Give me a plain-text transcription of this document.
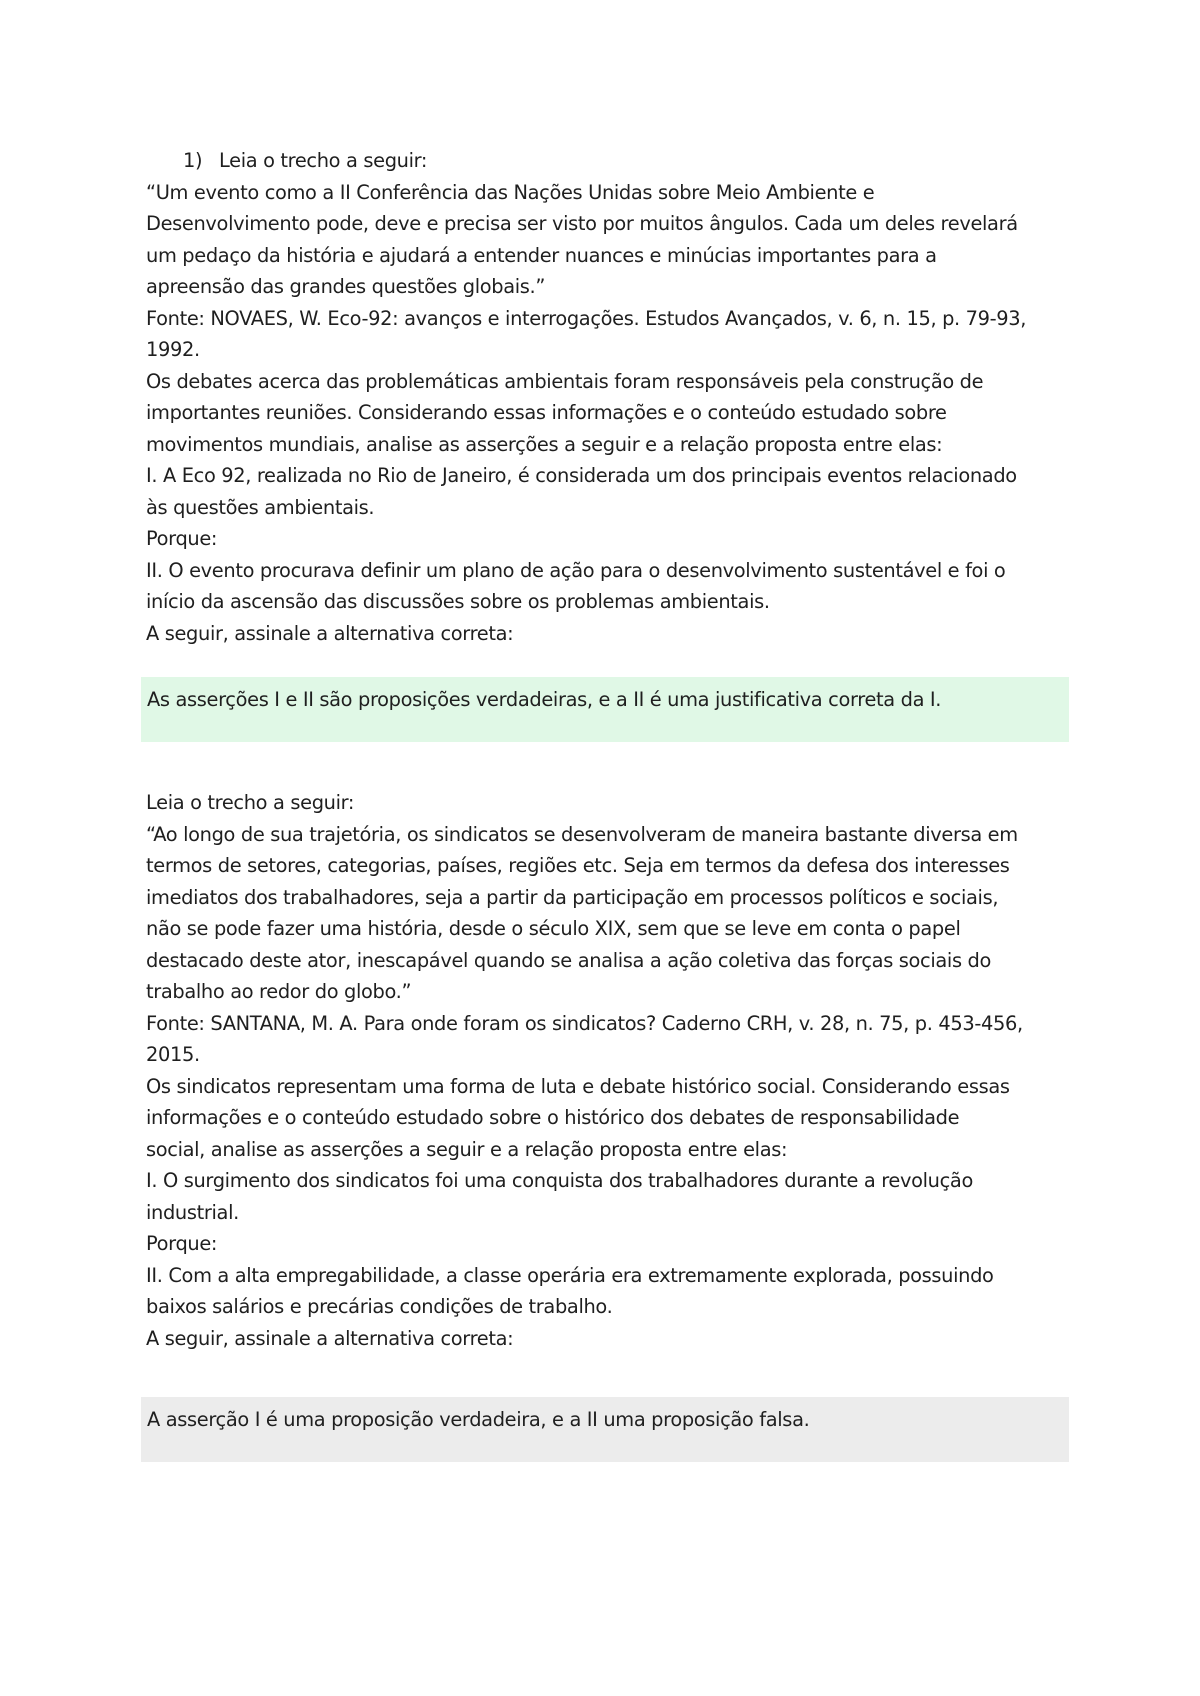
1) Leia o trecho a seguir:

“Um evento como a II Conferência das Nações Unidas sobre Meio Ambiente e

Desenvolvimento pode, deve e precisa ser visto por muitos ângulos. Cada um deles revelará

um pedaço da história e ajudará a entender nuances e minúcias importantes para a

apreensão das grandes questões globais.”

Fonte: NOVAES, W. Eco-92: avanços e interrogações. Estudos Avançados, v. 6, n. 15, p. 79-93,

1992.

Os debates acerca das problemáticas ambientais foram responsáveis pela construção de

importantes reuniões. Considerando essas informações e o conteúdo estudado sobre

movimentos mundiais, analise as asserções a seguir e a relação proposta entre elas:

I. A Eco 92, realizada no Rio de Janeiro, é considerada um dos principais eventos relacionado

às questões ambientais.

Porque:

II. O evento procurava definir um plano de ação para o desenvolvimento sustentável e foi o

início da ascensão das discussões sobre os problemas ambientais.

A seguir, assinale a alternativa correta:

As asserções I e II são proposições verdadeiras, e a II é uma justificativa correta da I.

Leia o trecho a seguir:

“Ao longo de sua trajetória, os sindicatos se desenvolveram de maneira bastante diversa em

termos de setores, categorias, países, regiões etc. Seja em termos da defesa dos interesses

imediatos dos trabalhadores, seja a partir da participação em processos políticos e sociais,

não se pode fazer uma história, desde o século XIX, sem que se leve em conta o papel

destacado deste ator, inescapável quando se analisa a ação coletiva das forças sociais do

trabalho ao redor do globo.”

Fonte: SANTANA, M. A. Para onde foram os sindicatos? Caderno CRH, v. 28, n. 75, p. 453-456,

2015.

Os sindicatos representam uma forma de luta e debate histórico social. Considerando essas

informações e o conteúdo estudado sobre o histórico dos debates de responsabilidade

social, analise as asserções a seguir e a relação proposta entre elas:

I. O surgimento dos sindicatos foi uma conquista dos trabalhadores durante a revolução

industrial.

Porque:

II. Com a alta empregabilidade, a classe operária era extremamente explorada, possuindo

baixos salários e precárias condições de trabalho.

A seguir, assinale a alternativa correta:

A asserção I é uma proposição verdadeira, e a II uma proposição falsa.
